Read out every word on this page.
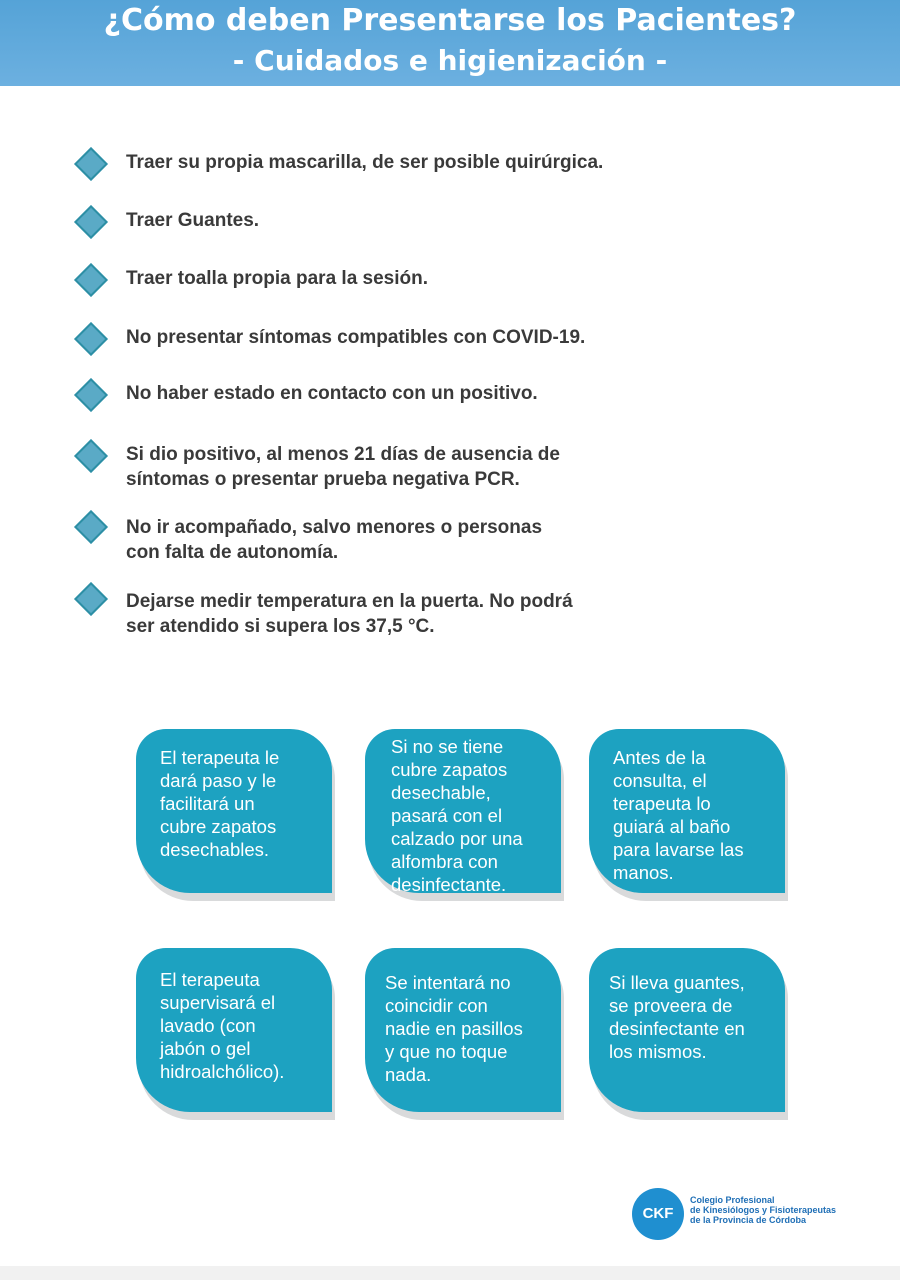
¿Cómo deben Presentarse los Pacientes?
- Cuidados e higienización -
Traer su propia mascarilla, de ser posible quirúrgica.
Traer Guantes.
Traer toalla propia para la sesión.
No presentar síntomas compatibles con COVID-19.
No haber estado en contacto con un positivo.
Si dio positivo, al menos 21 días de ausencia de
síntomas o presentar prueba negativa PCR.
No ir acompañado, salvo menores o personas
con falta de autonomía.
Dejarse medir temperatura en la puerta. No podrá
ser atendido si supera los 37,5 °C.
El terapeuta le
dará paso y le
facilitará un
cubre zapatos
desechables.
Si no se tiene
cubre zapatos
desechable,
pasará con el
calzado por una
alfombra con
desinfectante.
Antes de la
consulta, el
terapeuta lo
guiará al baño
para lavarse las
manos.
El terapeuta
supervisará el
lavado (con
jabón o gel
hidroalchólico).
Se intentará no
coincidir con
nadie en pasillos
y que no toque
nada.
Si lleva guantes,
se proveera de
desinfectante en
los mismos.
CKF
Colegio Profesional
de Kinesiólogos y Fisioterapeutas
de la Provincia de Córdoba
